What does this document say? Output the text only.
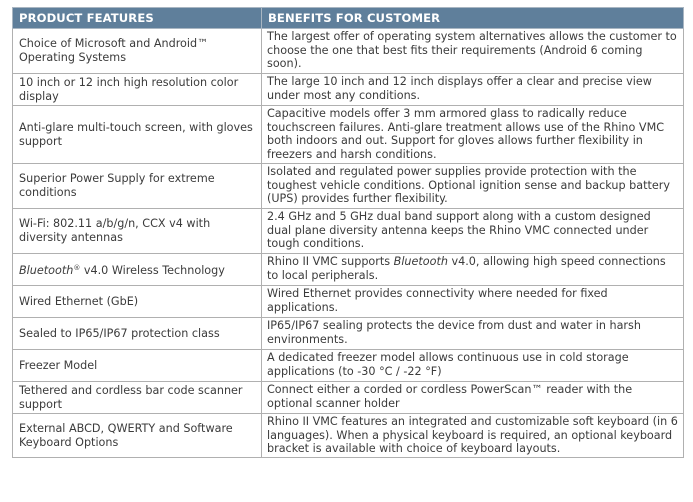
PRODUCT FEATURES	BENEFITS FOR CUSTOMER
Choice of Microsoft and Android™ Operating Systems	The largest offer of operating system alternatives allows the customer to choose the one that best fits their requirements (Android 6 coming soon).
10 inch or 12 inch high resolution color display	The large 10 inch and 12 inch displays offer a clear and precise view under most any conditions.
Anti-glare multi-touch screen, with gloves support	Capacitive models offer 3 mm armored glass to radically reduce touchscreen failures. Anti-glare treatment allows use of the Rhino VMC both indoors and out. Support for gloves allows further flexibility in freezers and harsh conditions.
Superior Power Supply for extreme conditions	Isolated and regulated power supplies provide protection with the toughest vehicle conditions. Optional ignition sense and backup battery (UPS) provides further flexibility.
Wi-Fi: 802.11 a/b/g/n, CCX v4 with diversity antennas	2.4 GHz and 5 GHz dual band support along with a custom designed dual plane diversity antenna keeps the Rhino VMC connected under tough conditions.
Bluetooth® v4.0 Wireless Technology	Rhino II VMC supports Bluetooth v4.0, allowing high speed connections to local peripherals.
Wired Ethernet (GbE)	Wired Ethernet provides connectivity where needed for fixed applications.
Sealed to IP65/IP67 protection class	IP65/IP67 sealing protects the device from dust and water in harsh environments.
Freezer Model	A dedicated freezer model allows continuous use in cold storage applications (to -30 °C / -22 °F)
Tethered and cordless bar code scanner support	Connect either a corded or cordless PowerScan™ reader with the optional scanner holder
External ABCD, QWERTY and Software Keyboard Options	Rhino II VMC features an integrated and customizable soft keyboard (in 6 languages). When a physical keyboard is required, an optional keyboard bracket is available with choice of keyboard layouts.
